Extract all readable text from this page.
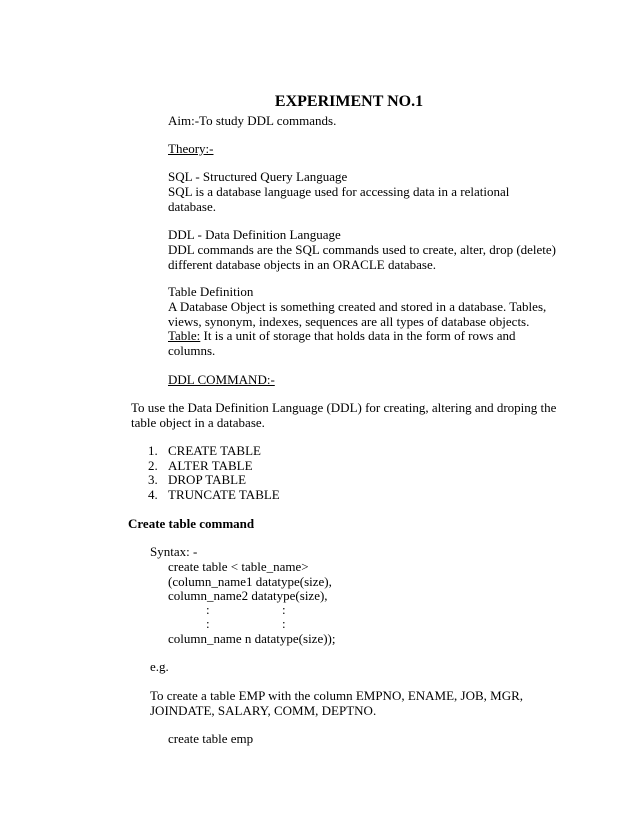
EXPERIMENT NO.1
Aim:-To study DDL commands.
Theory:-
SQL - Structured Query Language
SQL is a database language used for accessing data in a relational
database.
DDL - Data Definition Language
DDL commands are the SQL commands used to create, alter, drop (delete)
different database objects in an ORACLE database.
Table Definition
A Database Object is something created and stored in a database. Tables,
views, synonym, indexes, sequences are all types of database objects.
Table: It is a unit of storage that holds data in the form of rows and
columns.
DDL COMMAND:-
To use the Data Definition Language (DDL) for creating, altering and droping the
table object in a database.
1. CREATE TABLE
2. ALTER TABLE
3. DROP TABLE
4. TRUNCATE TABLE
Create table command
Syntax: -
create table < table_name>
(column_name1 datatype(size),
column_name2 datatype(size),
:	:
:	:
column_name n datatype(size));
e.g.
To create a table EMP with the column EMPNO, ENAME, JOB, MGR,
JOINDATE, SALARY, COMM, DEPTNO.
create table emp
